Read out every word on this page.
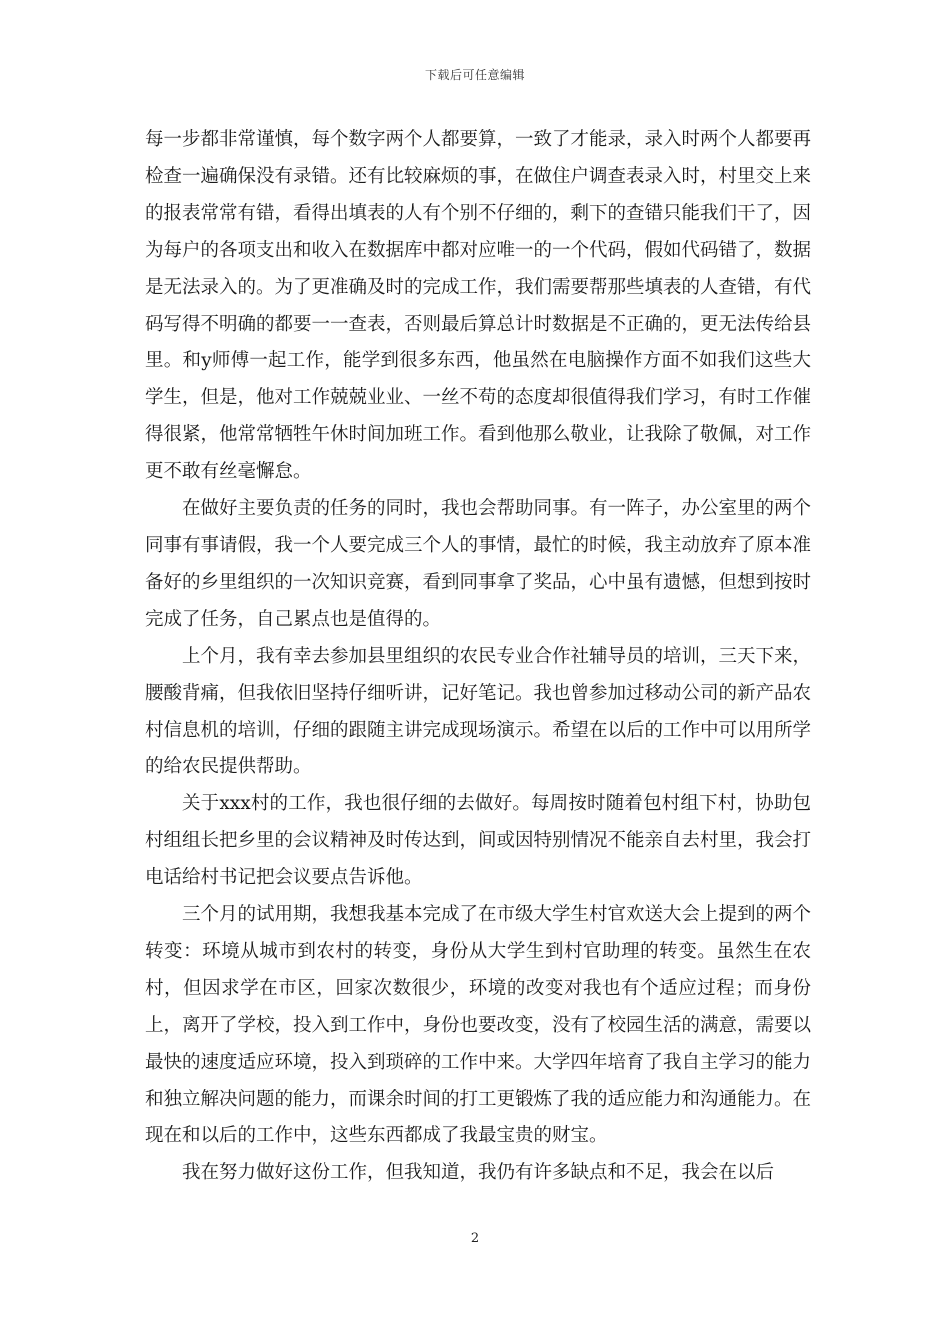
下载后可任意编辑

每一步都非常谨慎，每个数字两个人都要算，一致了才能录，录入时两个人都要再检查一遍确保没有录错。还有比较麻烦的事，在做住户调查表录入时，村里交上来的报表常常有错，看得出填表的人有个别不仔细的，剩下的查错只能我们干了，因为每户的各项支出和收入在数据库中都对应唯一的一个代码，假如代码错了，数据是无法录入的。为了更准确及时的完成工作，我们需要帮那些填表的人查错，有代码写得不明确的都要一一查表，否则最后算总计时数据是不正确的，更无法传给县里。和y师傅一起工作，能学到很多东西，他虽然在电脑操作方面不如我们这些大学生，但是，他对工作兢兢业业、一丝不苟的态度却很值得我们学习，有时工作催得很紧，他常常牺牲午休时间加班工作。看到他那么敬业，让我除了敬佩，对工作更不敢有丝毫懈怠。

在做好主要负责的任务的同时，我也会帮助同事。有一阵子，办公室里的两个同事有事请假，我一个人要完成三个人的事情，最忙的时候，我主动放弃了原本准备好的乡里组织的一次知识竞赛，看到同事拿了奖品，心中虽有遗憾，但想到按时完成了任务，自己累点也是值得的。

上个月，我有幸去参加县里组织的农民专业合作社辅导员的培训，三天下来，腰酸背痛，但我依旧坚持仔细听讲，记好笔记。我也曾参加过移动公司的新产品农村信息机的培训，仔细的跟随主讲完成现场演示。希望在以后的工作中可以用所学的给农民提供帮助。

关于xxx村的工作，我也很仔细的去做好。每周按时随着包村组下村，协助包村组组长把乡里的会议精神及时传达到，间或因特别情况不能亲自去村里，我会打电话给村书记把会议要点告诉他。

三个月的试用期，我想我基本完成了在市级大学生村官欢送大会上提到的两个转变：环境从城市到农村的转变，身份从大学生到村官助理的转变。虽然生在农村，但因求学在市区，回家次数很少，环境的改变对我也有个适应过程；而身份上，离开了学校，投入到工作中，身份也要改变，没有了校园生活的满意，需要以最快的速度适应环境，投入到琐碎的工作中来。大学四年培育了我自主学习的能力和独立解决问题的能力，而课余时间的打工更锻炼了我的适应能力和沟通能力。在现在和以后的工作中，这些东西都成了我最宝贵的财宝。

我在努力做好这份工作，但我知道，我仍有许多缺点和不足，我会在以后

2
